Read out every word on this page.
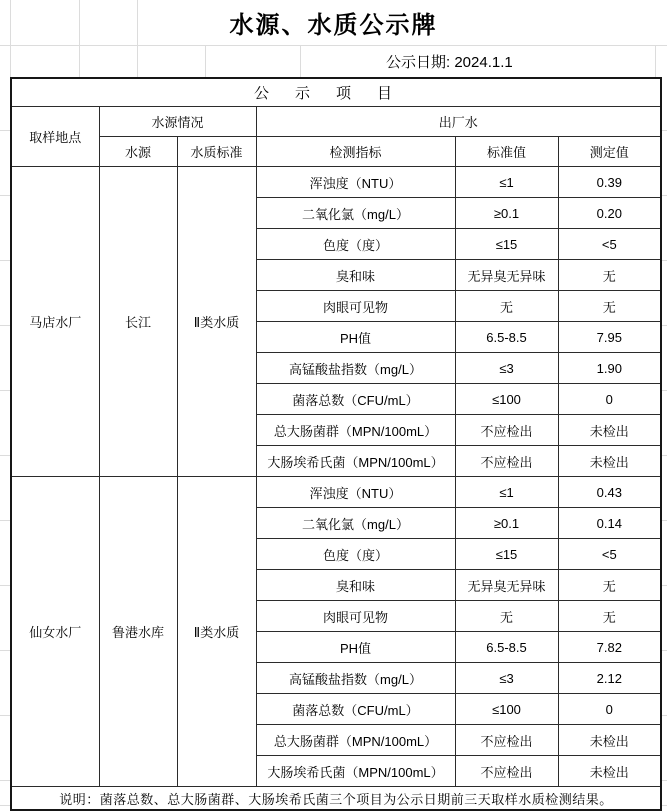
水源、水质公示牌
公示日期: 2024.1.1
公示项目					
取样地点	水源情况		出厂水		
	水源	水质标准	检测指标	标准值	测定值
马店水厂	长江	Ⅱ类水质	浑浊度（NTU）	≤1	0.39
			二氧化氯（mg/L）	≥0.1	0.20
			色度（度）	≤15	<5
			臭和味	无异臭无异味	无
			肉眼可见物	无	无
			PH值	6.5-8.5	7.95
			高锰酸盐指数（mg/L）	≤3	1.90
			菌落总数（CFU/mL）	≤100	0
			总大肠菌群（MPN/100mL）	不应检出	未检出
			大肠埃希氏菌（MPN/100mL）	不应检出	未检出
仙女水厂	鲁港水库	Ⅱ类水质	浑浊度（NTU）	≤1	0.43
			二氧化氯（mg/L）	≥0.1	0.14
			色度（度）	≤15	<5
			臭和味	无异臭无异味	无
			肉眼可见物	无	无
			PH值	6.5-8.5	7.82
			高锰酸盐指数（mg/L）	≤3	2.12
			菌落总数（CFU/mL）	≤100	0
			总大肠菌群（MPN/100mL）	不应检出	未检出
			大肠埃希氏菌（MPN/100mL）	不应检出	未检出
说明：菌落总数、总大肠菌群、大肠埃希氏菌三个项目为公示日期前三天取样水质检测结果。					
